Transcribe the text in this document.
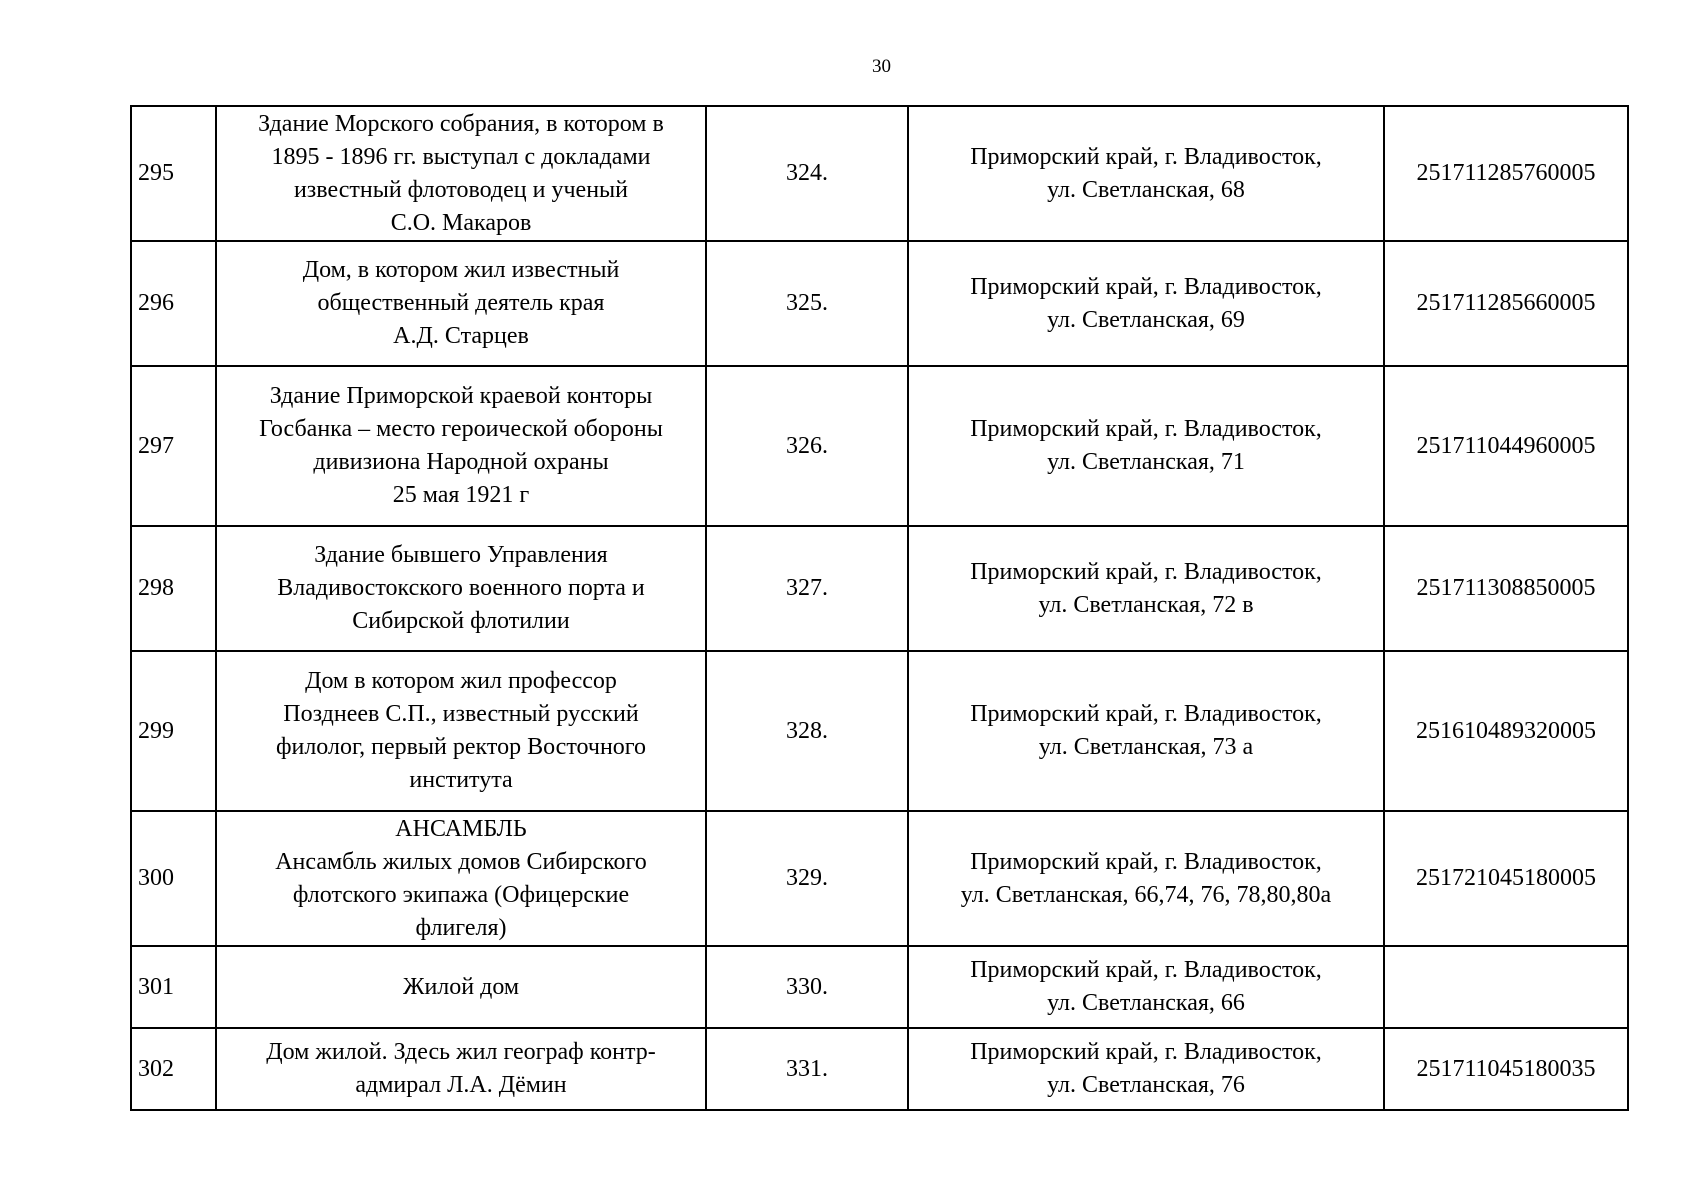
30
295	Здание Морского собрания, в котором в
1895 - 1896 гг. выступал с докладами
известный флотоводец и ученый
С.О. Макаров	324.	Приморский край, г. Владивосток,
ул. Светланская, 68	251711285760005
296	Дом, в котором жил известный
общественный деятель края
А.Д. Старцев	325.	Приморский край, г. Владивосток,
ул. Светланская, 69	251711285660005
297	Здание Приморской краевой конторы
Госбанка – место героической обороны
дивизиона Народной охраны
25 мая 1921 г	326.	Приморский край, г. Владивосток,
ул. Светланская, 71	251711044960005
298	Здание бывшего Управления
Владивостокского военного порта и
Сибирской флотилии	327.	Приморский край, г. Владивосток,
ул. Светланская, 72 в	251711308850005
299	Дом в котором жил профессор
Позднеев С.П., известный русский
филолог, первый ректор Восточного
института	328.	Приморский край, г. Владивосток,
ул. Светланская, 73 а	251610489320005
300	АНСАМБЛЬ
Ансамбль жилых домов Сибирского
флотского экипажа (Офицерские
флигеля)	329.	Приморский край, г. Владивосток,
ул. Светланская, 66,74, 76, 78,80,80а	251721045180005
301	Жилой дом	330.	Приморский край, г. Владивосток,
ул. Светланская, 66	

302	Дом жилой. Здесь жил географ контр-
адмирал Л.А. Дёмин	331.	Приморский край, г. Владивосток,
ул. Светланская, 76	251711045180035
